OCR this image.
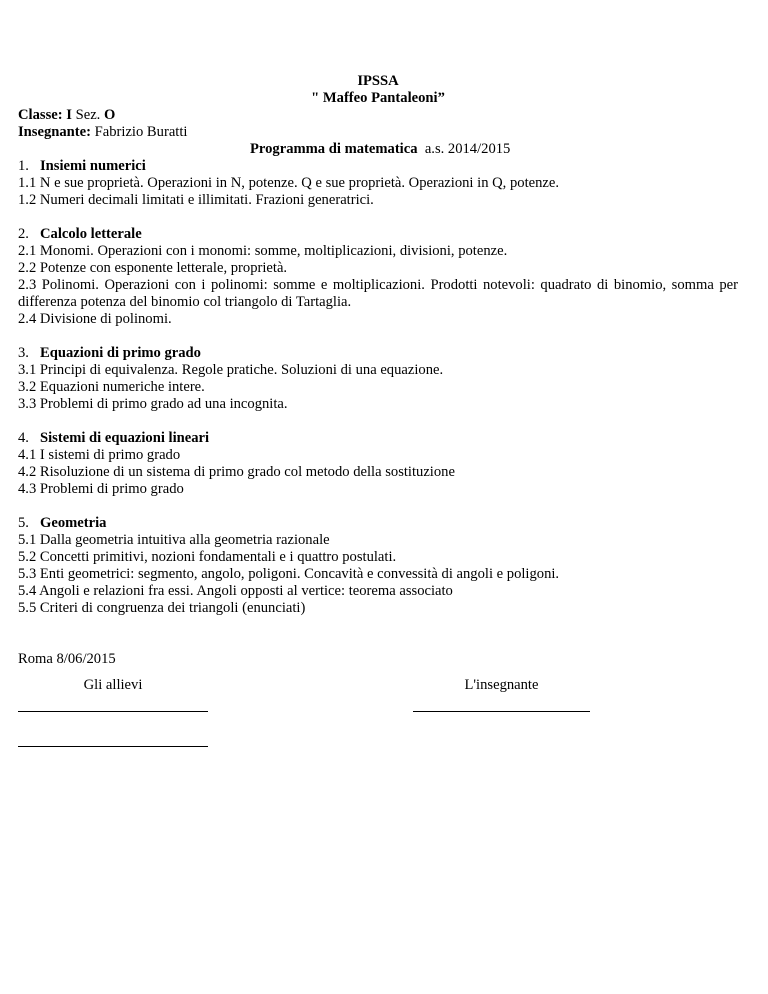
IPSSA
" Maffeo Pantaleoni”
Classe: I Sez. O
Insegnante: Fabrizio Buratti
Programma di matematica a.s. 2014/2015
1. Insiemi numerici
1.1 N e sue proprietà. Operazioni in N, potenze. Q e sue proprietà. Operazioni in Q, potenze.
1.2 Numeri decimali limitati e illimitati. Frazioni generatrici.
2. Calcolo letterale
2.1 Monomi. Operazioni con i monomi: somme, moltiplicazioni, divisioni, potenze.
2.2 Potenze con esponente letterale, proprietà.
2.3 Polinomi. Operazioni con i polinomi: somme e moltiplicazioni. Prodotti notevoli: quadrato di binomio, somma per differenza potenza del binomio col triangolo di Tartaglia.
2.4 Divisione di polinomi.
3. Equazioni di primo grado
3.1 Principi di equivalenza. Regole pratiche. Soluzioni di una equazione.
3.2 Equazioni numeriche intere.
3.3 Problemi di primo grado ad una incognita.
4. Sistemi di equazioni lineari
4.1 I sistemi di primo grado
4.2 Risoluzione di un sistema di primo grado col metodo della sostituzione
4.3 Problemi di primo grado
5. Geometria
5.1 Dalla geometria intuitiva alla geometria razionale
5.2 Concetti primitivi, nozioni fondamentali e i quattro postulati.
5.3 Enti geometrici: segmento, angolo, poligoni. Concavità e convessità di angoli e poligoni.
5.4 Angoli e relazioni fra essi. Angoli opposti al vertice: teorema associato
5.5 Criteri di congruenza dei triangoli (enunciati)
Roma 8/06/2015
Gli allievi	L'insegnante
